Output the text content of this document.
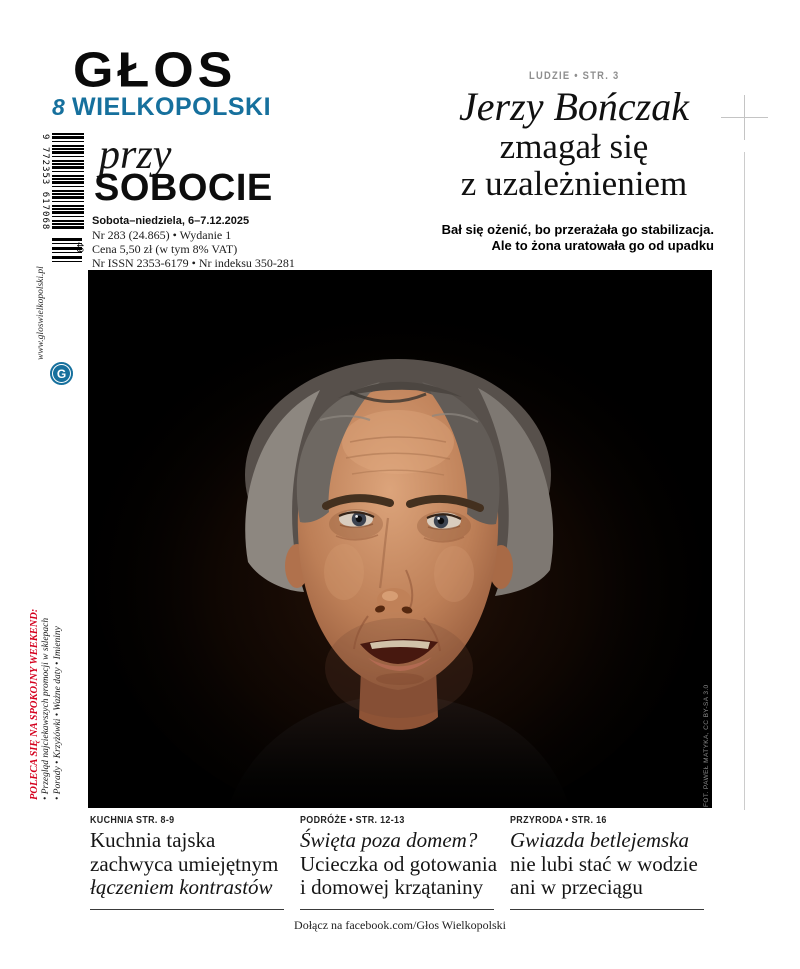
GŁOS
8 WIELKOPOLSKI
przy
SOBOCIE
Sobota–niedziela, 6–7.12.2025
Nr 283 (24.865) • Wydanie 1
Cena 5,50 zł (w tym 8% VAT)
Nr ISSN 2353-6179 • Nr indeksu 350-281
9 772353 617068
49
www.gloswielkopolski.pl
G
POLECA SIĘ NA SPOKOJNY WEEKEND: • Przegląd najciekawszych promocji w sklepach • Porady • Krzyżówki • Ważne daty • Imieniny
LUDZIE • STR. 3
Jerzy Bończak
zmagał się
z uzależnieniem
Bał się ożenić, bo przerażała go stabilizacja.
Ale to żona uratowała go od upadku
FOT. PAWEŁ MATYKA, CC BY-SA 3.0
KUCHNIA STR. 8-9
Kuchnia tajska
zachwyca umiejętnym
łączeniem kontrastów
PODRÓŻE • STR. 12-13
Święta poza domem?
Ucieczka od gotowania
i domowej krzątaniny
PRZYRODA • STR. 16
Gwiazda betlejemska
nie lubi stać w wodzie
ani w przeciągu
Dołącz na facebook.com/Głos Wielkopolski
